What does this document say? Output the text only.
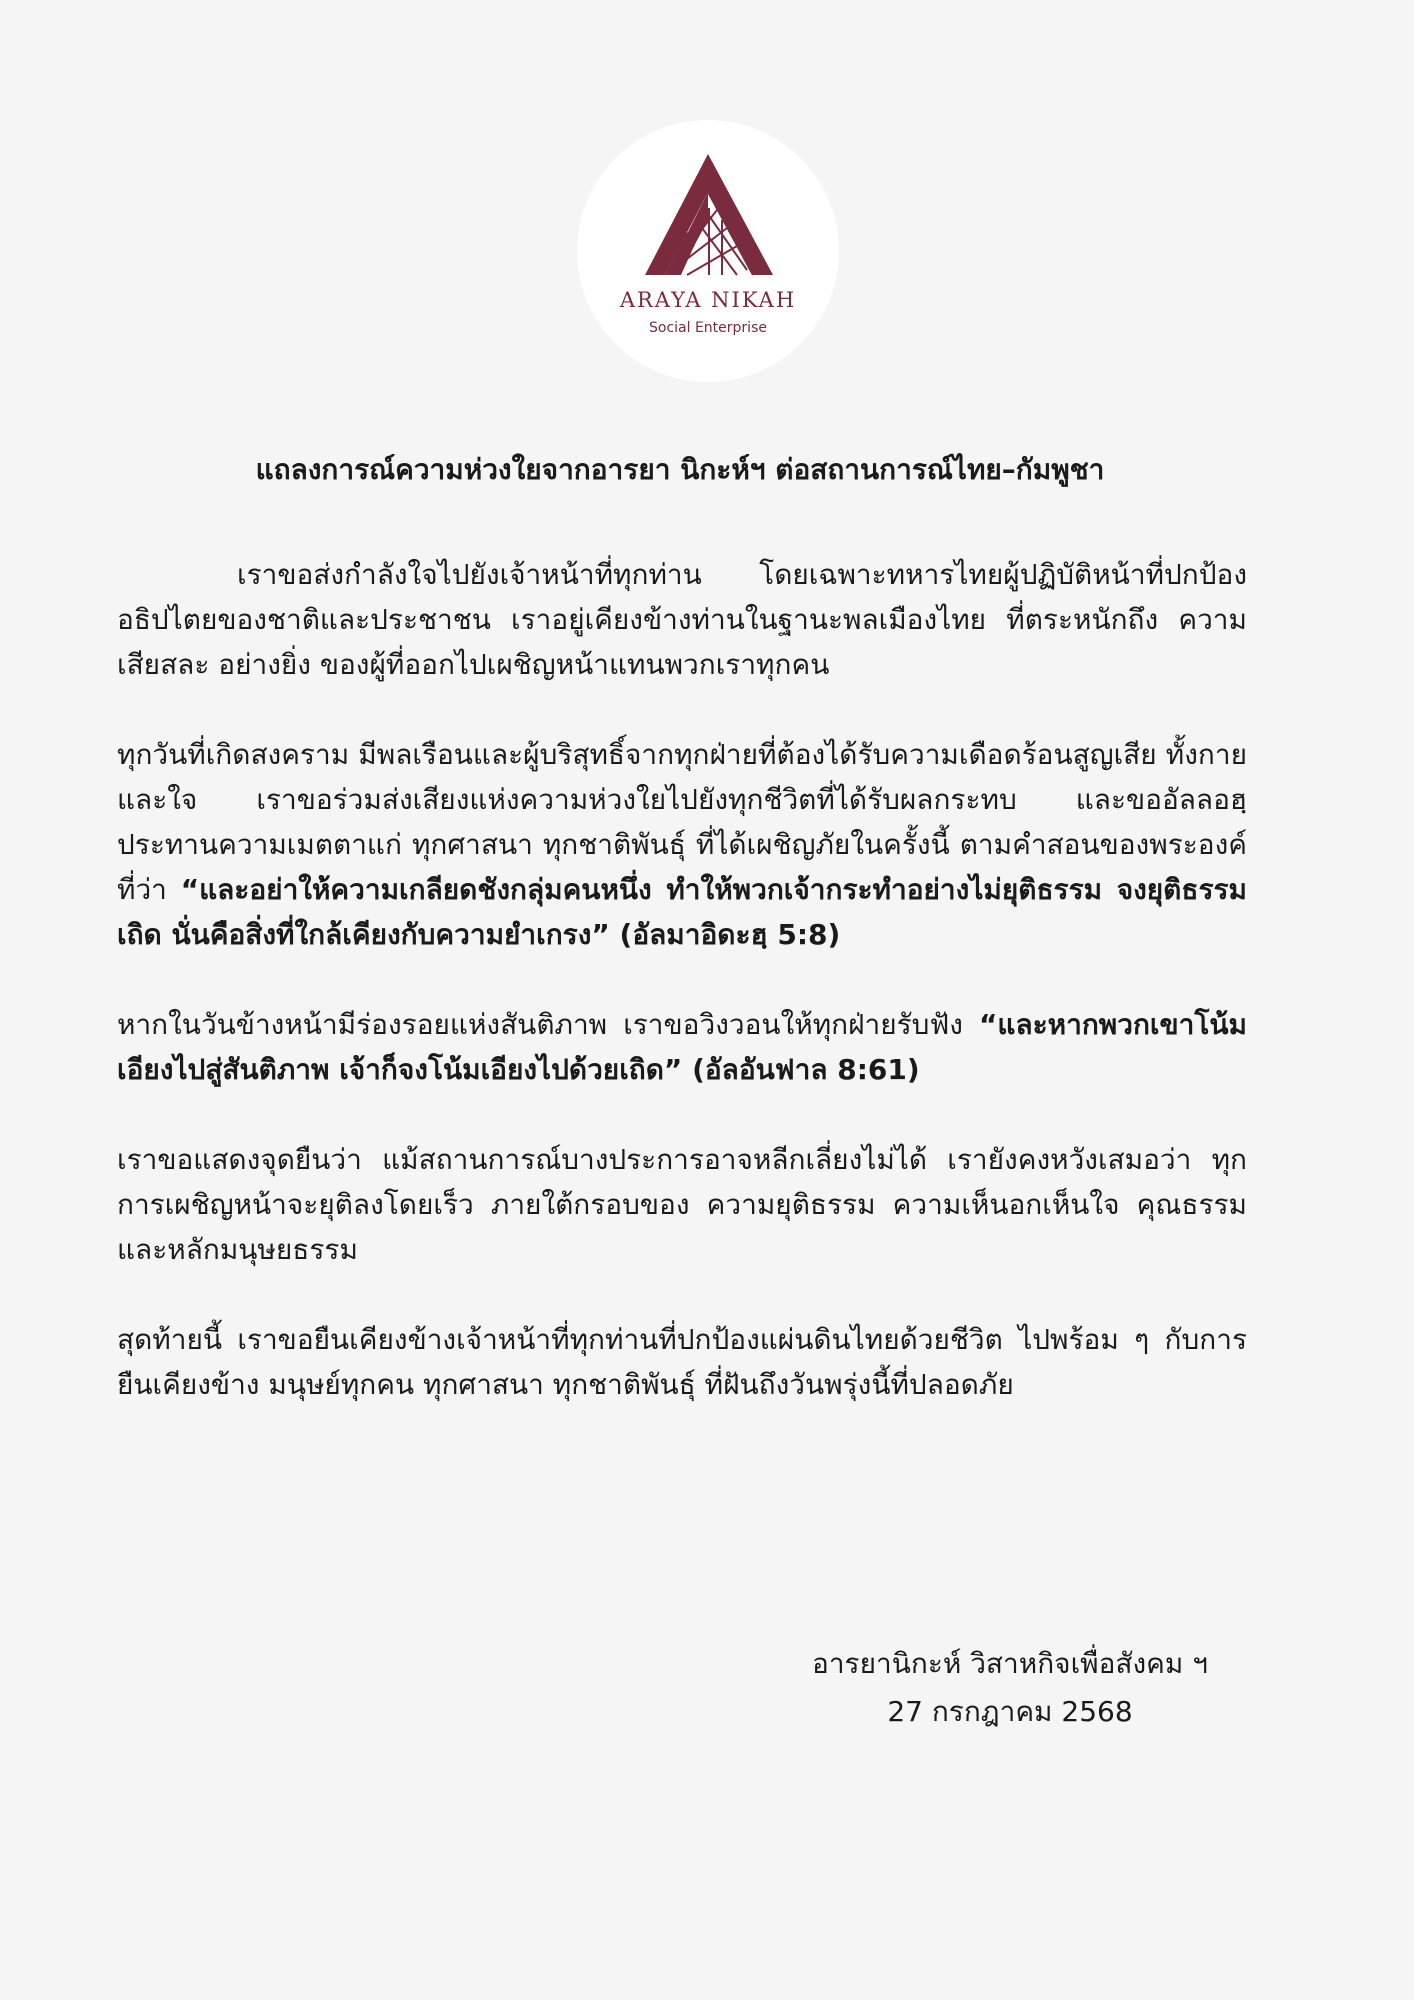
ARAYA NIKAH
Social Enterprise
แถลงการณ์ความห่วงใยจากอารยา นิกะห์ฯ ต่อสถานการณ์ไทย–กัมพูชา

เราขอส่งกำลังใจไปยังเจ้าหน้าที่ทุกท่าน โดยเฉพาะทหารไทยผู้ปฏิบัติหน้าที่ปกป้องอธิปไตยของชาติและประชาชน เราอยู่เคียงข้างท่านในฐานะพลเมืองไทย ที่ตระหนักถึง ความเสียสละ อย่างยิ่ง ของผู้ที่ออกไปเผชิญหน้าแทนพวกเราทุกคน

ทุกวันที่เกิดสงคราม มีพลเรือนและผู้บริสุทธิ์จากทุกฝ่ายที่ต้องได้รับความเดือดร้อนสูญเสีย ทั้งกายและใจ เราขอร่วมส่งเสียงแห่งความห่วงใยไปยังทุกชีวิตที่ได้รับผลกระทบ และขออัลลอฮฺประทานความเมตตาแก่ ทุกศาสนา ทุกชาติพันธุ์ ที่ได้เผชิญภัยในครั้งนี้ ตามคำสอนของพระองค์ที่ว่า “และอย่าให้ความเกลียดชังกลุ่มคนหนึ่ง ทำให้พวกเจ้ากระทำอย่างไม่ยุติธรรม จงยุติธรรมเถิด นั่นคือสิ่งที่ใกล้เคียงกับความยำเกรง” (อัลมาอิดะฮฺ 5:8)

หากในวันข้างหน้ามีร่องรอยแห่งสันติภาพ เราขอวิงวอนให้ทุกฝ่ายรับฟัง “และหากพวกเขาโน้มเอียงไปสู่สันติภาพ เจ้าก็จงโน้มเอียงไปด้วยเถิด” (อัลอันฟาล 8:61)

เราขอแสดงจุดยืนว่า แม้สถานการณ์บางประการอาจหลีกเลี่ยงไม่ได้ เรายังคงหวังเสมอว่า ทุกการเผชิญหน้าจะยุติลงโดยเร็ว ภายใต้กรอบของ ความยุติธรรม ความเห็นอกเห็นใจ คุณธรรม และหลักมนุษยธรรม

สุดท้ายนี้ เราขอยืนเคียงข้างเจ้าหน้าที่ทุกท่านที่ปกป้องแผ่นดินไทยด้วยชีวิต ไปพร้อม ๆ กับการยืนเคียงข้าง มนุษย์ทุกคน ทุกศาสนา ทุกชาติพันธุ์ ที่ฝันถึงวันพรุ่งนี้ที่ปลอดภัย

อารยานิกะห์ วิสาหกิจเพื่อสังคม ฯ
27 กรกฎาคม 2568
